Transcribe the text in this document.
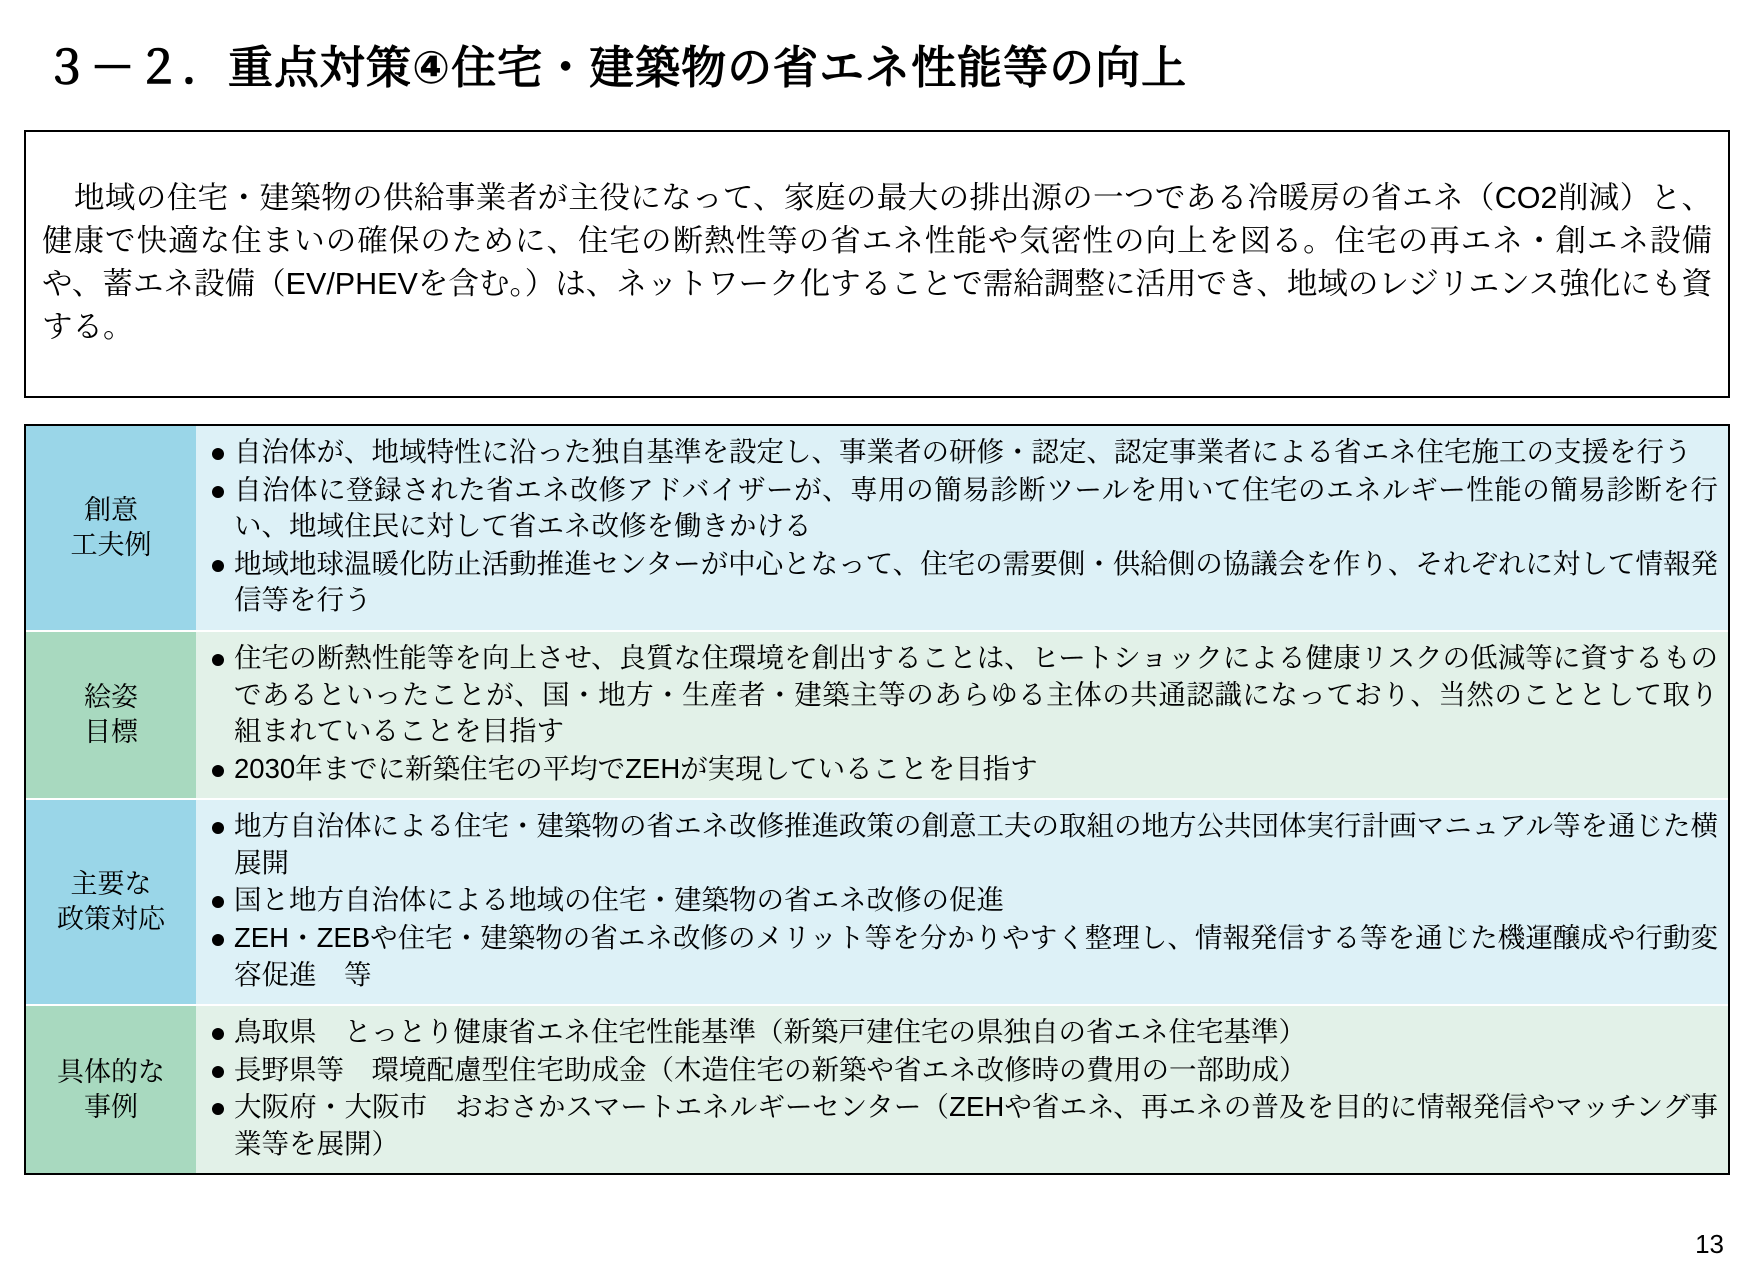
３－２．重点対策④住宅・建築物の省エネ性能等の向上

地域の住宅・建築物の供給事業者が主役になって、家庭の最大の排出源の一つである冷暖房の省エネ（CO2削減）と、健康で快適な住まいの確保のために、住宅の断熱性等の省エネ性能や気密性の向上を図る。住宅の再エネ・創エネ設備や、蓄エネ設備（EV/PHEVを含む。）は、ネットワーク化することで需給調整に活用でき、地域のレジリエンス強化にも資する。

創意
工夫例
自治体が、地域特性に沿った独自基準を設定し、事業者の研修・認定、認定事業者による省エネ住宅施工の支援を行う
自治体に登録された省エネ改修アドバイザーが、専用の簡易診断ツールを用いて住宅のエネルギー性能の簡易診断を行い、地域住民に対して省エネ改修を働きかける
地域地球温暖化防止活動推進センターが中心となって、住宅の需要側・供給側の協議会を作り、それぞれに対して情報発信等を行う
絵姿
目標
住宅の断熱性能等を向上させ、良質な住環境を創出することは、ヒートショックによる健康リスクの低減等に資するものであるといったことが、国・地方・生産者・建築主等のあらゆる主体の共通認識になっており、当然のこととして取り組まれていることを目指す
2030年までに新築住宅の平均でZEHが実現していることを目指す
主要な
政策対応
地方自治体による住宅・建築物の省エネ改修推進政策の創意工夫の取組の地方公共団体実行計画マニュアル等を通じた横展開
国と地方自治体による地域の住宅・建築物の省エネ改修の促進
ZEH・ZEBや住宅・建築物の省エネ改修のメリット等を分かりやすく整理し、情報発信する等を通じた機運醸成や行動変容促進　等
具体的な
事例
鳥取県　とっとり健康省エネ住宅性能基準（新築戸建住宅の県独自の省エネ住宅基準）
長野県等　環境配慮型住宅助成金（木造住宅の新築や省エネ改修時の費用の一部助成）
大阪府・大阪市　おおさかスマートエネルギーセンター（ZEHや省エネ、再エネの普及を目的に情報発信やマッチング事業等を展開）
13
